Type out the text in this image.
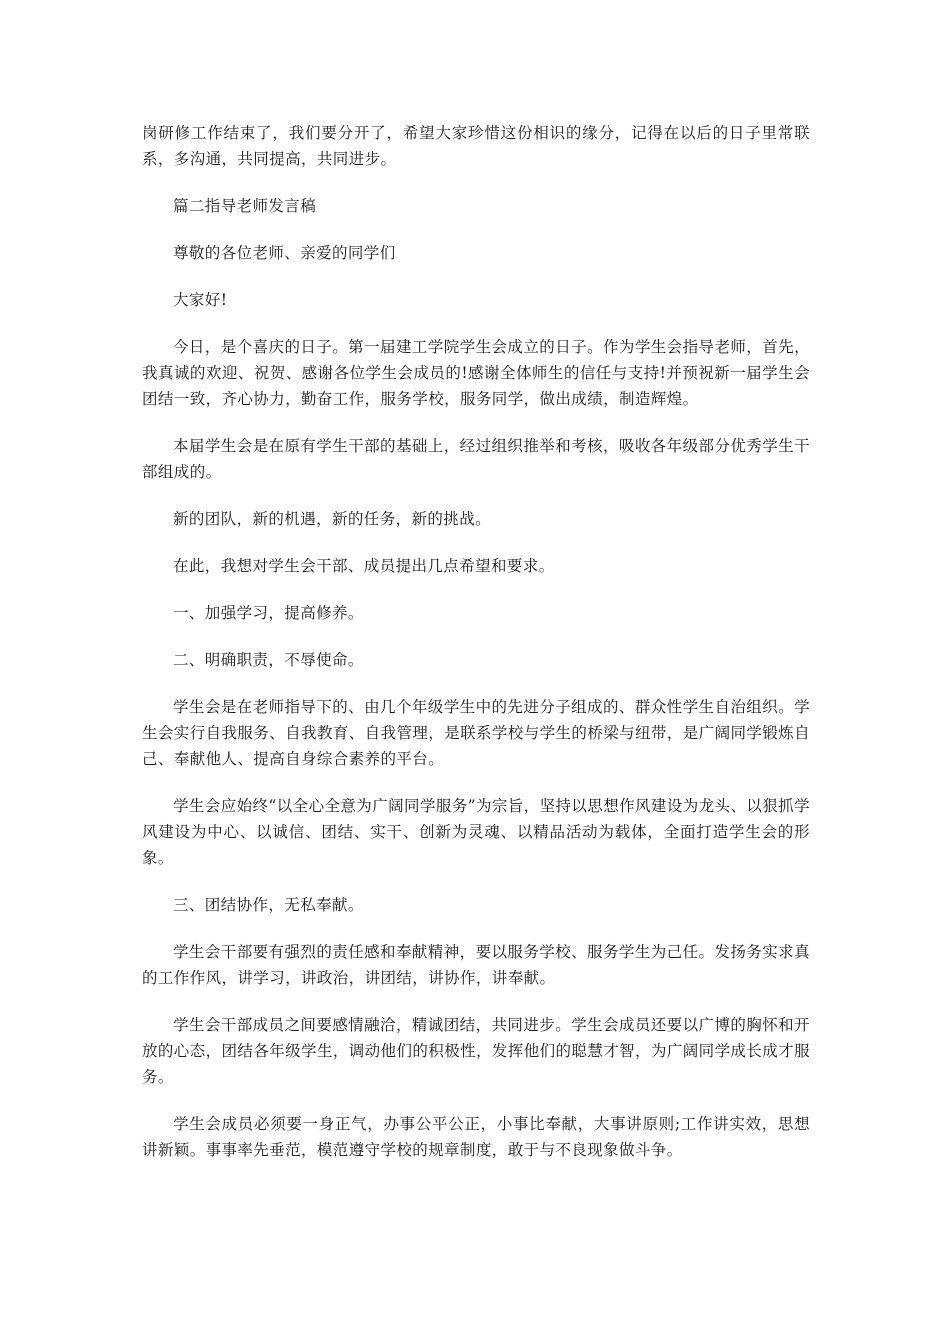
岗研修工作结束了，我们要分开了，希望大家珍惜这份相识的缘分，记得在以后的日子里常联系，多沟通，共同提高，共同进步。

篇二指导老师发言稿

尊敬的各位老师、亲爱的同学们

大家好!

今日，是个喜庆的日子。第一届建工学院学生会成立的日子。作为学生会指导老师，首先，我真诚的欢迎、祝贺、感谢各位学生会成员的!感谢全体师生的信任与支持!并预祝新一届学生会团结一致，齐心协力，勤奋工作，服务学校，服务同学，做出成绩，制造辉煌。

本届学生会是在原有学生干部的基础上，经过组织推举和考核，吸收各年级部分优秀学生干部组成的。

新的团队，新的机遇，新的任务，新的挑战。

在此，我想对学生会干部、成员提出几点希望和要求。

一、加强学习，提高修养。

二、明确职责，不辱使命。

学生会是在老师指导下的、由几个年级学生中的先进分子组成的、群众性学生自治组织。学生会实行自我服务、自我教育、自我管理，是联系学校与学生的桥梁与纽带，是广阔同学锻炼自己、奉献他人、提高自身综合素养的平台。

学生会应始终“以全心全意为广阔同学服务”为宗旨，坚持以思想作风建设为龙头、以狠抓学风建设为中心、以诚信、团结、实干、创新为灵魂、以精品活动为载体，全面打造学生会的形象。

三、团结协作，无私奉献。

学生会干部要有强烈的责任感和奉献精神，要以服务学校、服务学生为己任。发扬务实求真的工作作风，讲学习，讲政治，讲团结，讲协作，讲奉献。

学生会干部成员之间要感情融洽，精诚团结，共同进步。学生会成员还要以广博的胸怀和开放的心态，团结各年级学生，调动他们的积极性，发挥他们的聪慧才智，为广阔同学成长成才服务。

学生会成员必须要一身正气，办事公平公正，小事比奉献，大事讲原则;工作讲实效，思想讲新颖。事事率先垂范，模范遵守学校的规章制度，敢于与不良现象做斗争。
